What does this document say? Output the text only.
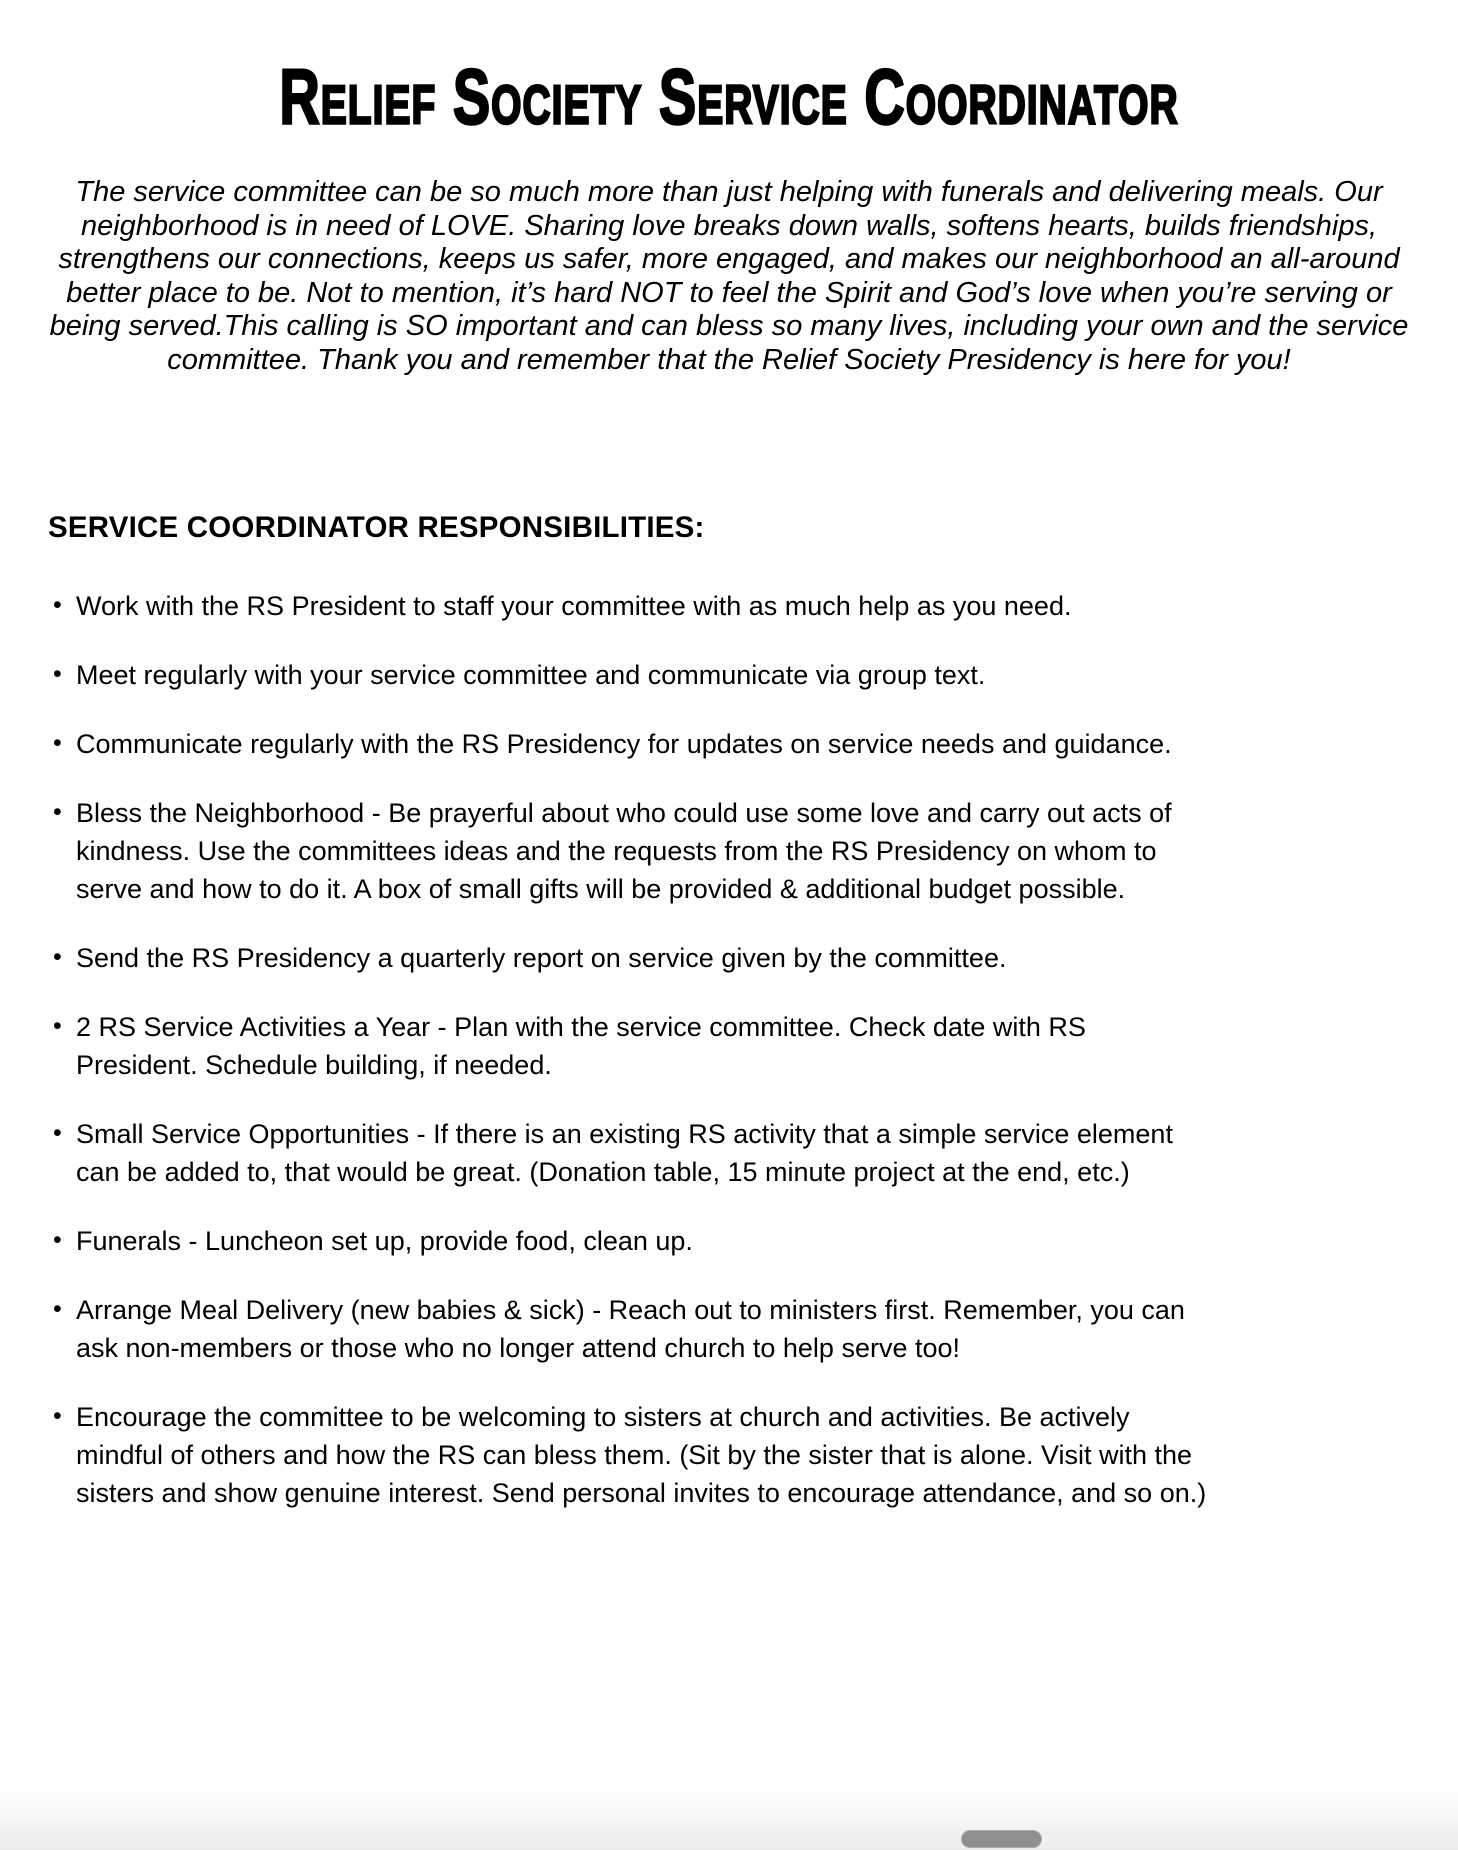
Relief Society Service Coordinator

The service committee can be so much more than just helping with funerals and delivering meals. Our neighborhood is in need of LOVE. Sharing love breaks down walls, softens hearts, builds friendships, strengthens our connections, keeps us safer, more engaged, and makes our neighborhood an all-around better place to be. Not to mention, it’s hard NOT to feel the Spirit and God’s love when you’re serving or being served.This calling is SO important and can bless so many lives, including your own and the service committee. Thank you and remember that the Relief Society Presidency is here for you!

SERVICE COORDINATOR RESPONSIBILITIES:
• Work with the RS President to staff your committee with as much help as you need.
• Meet regularly with your service committee and communicate via group text.
• Communicate regularly with the RS Presidency for updates on service needs and guidance.
• Bless the Neighborhood - Be prayerful about who could use some love and carry out acts of kindness. Use the committees ideas and the requests from the RS Presidency on whom to serve and how to do it. A box of small gifts will be provided & additional budget possible.
• Send the RS Presidency a quarterly report on service given by the committee.
• 2 RS Service Activities a Year - Plan with the service committee. Check date with RS President. Schedule building, if needed.
• Small Service Opportunities - If there is an existing RS activity that a simple service element can be added to, that would be great. (Donation table, 15 minute project at the end, etc.)
• Funerals - Luncheon set up, provide food, clean up.
• Arrange Meal Delivery (new babies & sick) - Reach out to ministers first. Remember, you can ask non-members or those who no longer attend church to help serve too!
• Encourage the committee to be welcoming to sisters at church and activities. Be actively mindful of others and how the RS can bless them. (Sit by the sister that is alone. Visit with the sisters and show genuine interest. Send personal invites to encourage attendance, and so on.)
